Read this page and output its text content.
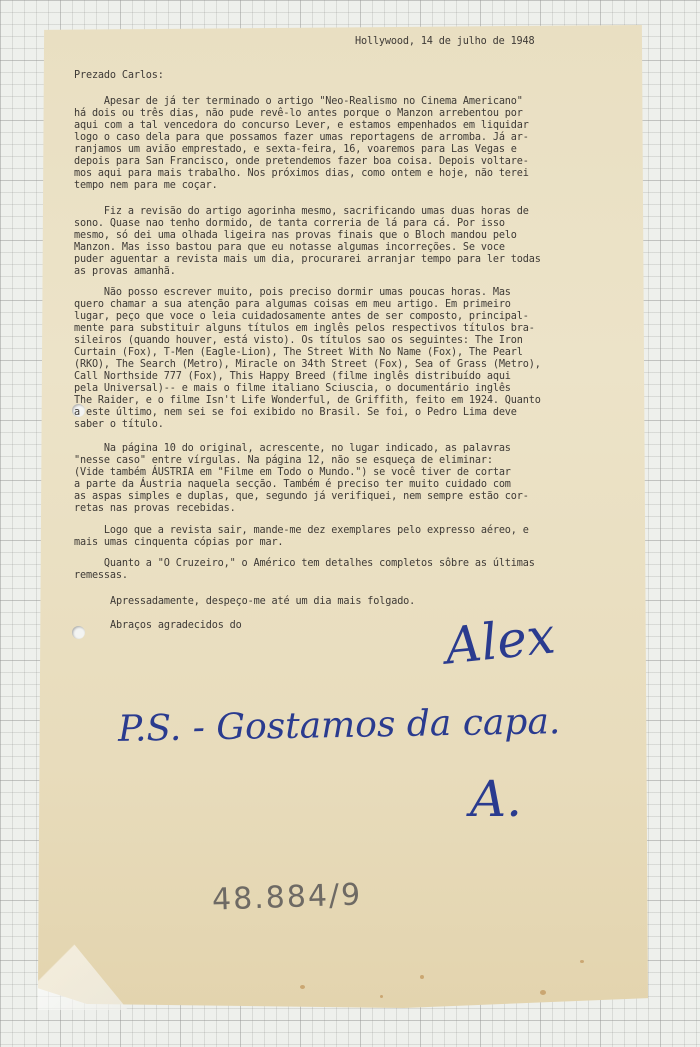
Hollywood, 14 de julho de 1948
Prezado Carlos:
Apesar de já ter terminado o artigo "Neo-Realismo no Cinema Americano"
há dois ou três dias, não pude revê-lo antes porque o Manzon arrebentou por
aqui com a tal vencedora do concurso Lever, e estamos empenhados em liquidar
logo o caso dela para que possamos fazer umas reportagens de arromba. Já ar-
ranjamos um avião emprestado, e sexta-feira, 16, voaremos para Las Vegas e
depois para San Francisco, onde pretendemos fazer boa coisa. Depois voltare-
mos aqui para mais trabalho. Nos próximos dias, como ontem e hoje, não terei
tempo nem para me coçar.
Fiz a revisão do artigo agorinha mesmo, sacrificando umas duas horas de
sono. Quase nao tenho dormido, de tanta correria de lá para cá. Por isso
mesmo, só dei uma olhada ligeira nas provas finais que o Bloch mandou pelo
Manzon. Mas isso bastou para que eu notasse algumas incorreções. Se voce
puder aguentar a revista mais um dia, procurarei arranjar tempo para ler todas
as provas amanhã.
Não posso escrever muito, pois preciso dormir umas poucas horas. Mas
quero chamar a sua atenção para algumas coisas em meu artigo. Em primeiro
lugar, peço que voce o leia cuidadosamente antes de ser composto, principal-
mente para substituir alguns títulos em inglês pelos respectivos títulos bra-
sileiros (quando houver, está visto). Os títulos sao os seguintes: The Iron
Curtain (Fox), T-Men (Eagle-Lion), The Street With No Name (Fox), The Pearl
(RKO), The Search (Metro), Miracle on 34th Street (Fox), Sea of Grass (Metro),
Call Northside 777 (Fox), This Happy Breed (filme inglês distribuído aqui
pela Universal)-- e mais o filme italiano Sciuscia, o documentário inglês
The Raider, e o filme Isn't Life Wonderful, de Griffith, feito em 1924. Quanto
a este último, nem sei se foi exibido no Brasil. Se foi, o Pedro Lima deve
saber o título.
Na página 10 do original, acrescente, no lugar indicado, as palavras
"nesse caso" entre vírgulas. Na página 12, não se esqueça de eliminar:
(Vide também ÁUSTRIA em "Filme em Todo o Mundo.") se você tiver de cortar
a parte da Áustria naquela secção. Também é preciso ter muito cuidado com
as aspas simples e duplas, que, segundo já verifiquei, nem sempre estão cor-
retas nas provas recebidas.
Logo que a revista sair, mande-me dez exemplares pelo expresso aéreo, e
mais umas cinquenta cópias por mar.
Quanto a "O Cruzeiro," o Américo tem detalhes completos sôbre as últimas
remessas.
Apressadamente, despeço-me até um dia mais folgado.
Abraços agradecidos do	Alex
P.S. - Gostamos da capa.
A.
48.884/9
